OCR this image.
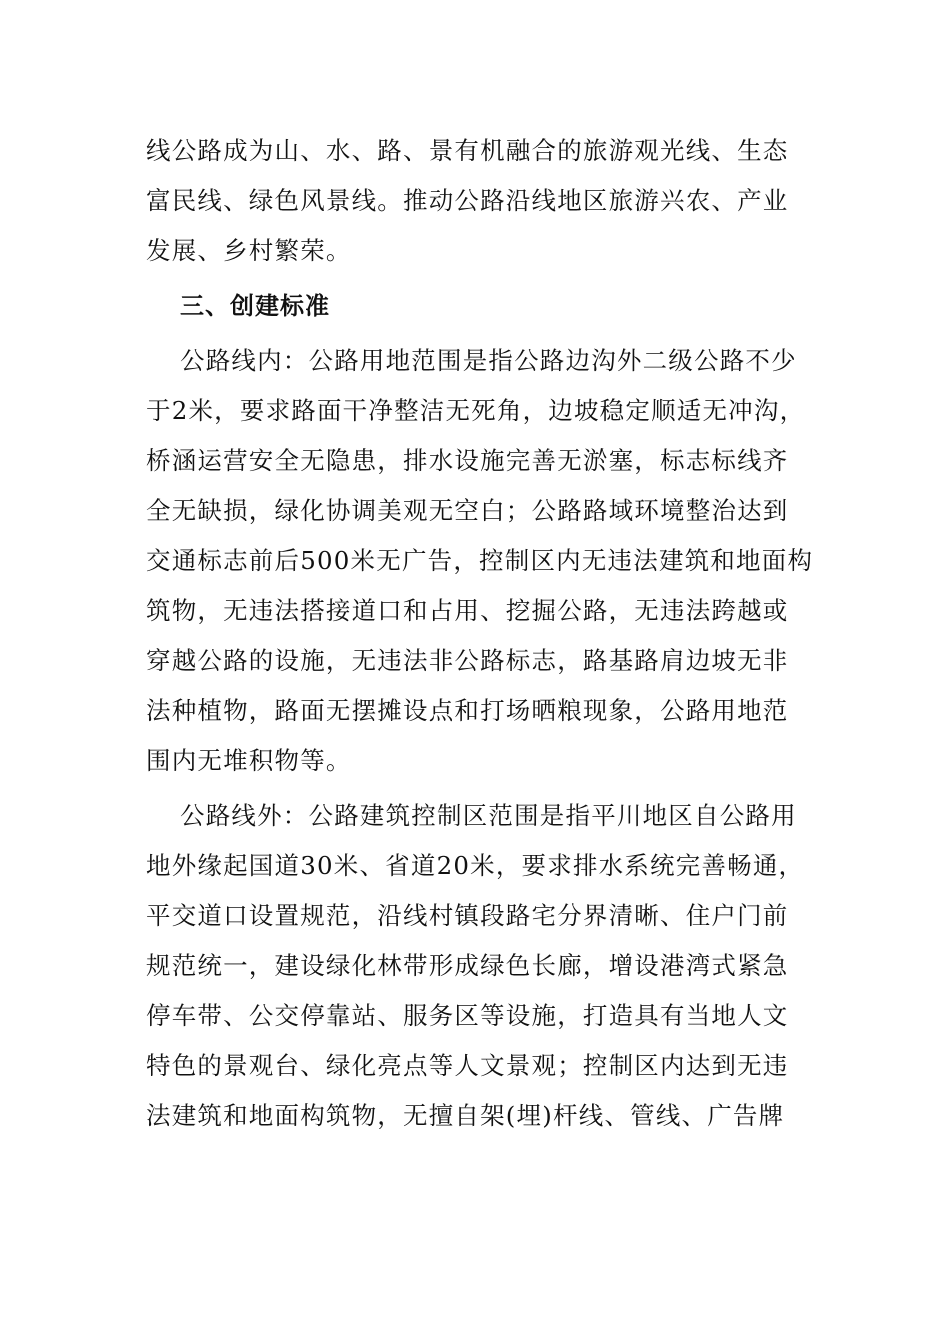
线公路成为山、水、路、景有机融合的旅游观光线、生态
富民线、绿色风景线。推动公路沿线地区旅游兴农、产业
发展、乡村繁荣。
三、创建标准
公路线内：公路用地范围是指公路边沟外二级公路不少
于2米，要求路面干净整洁无死角，边坡稳定顺适无冲沟，
桥涵运营安全无隐患，排水设施完善无淤塞，标志标线齐
全无缺损，绿化协调美观无空白；公路路域环境整治达到
交通标志前后500米无广告，控制区内无违法建筑和地面构
筑物，无违法搭接道口和占用、挖掘公路，无违法跨越或
穿越公路的设施，无违法非公路标志，路基路肩边坡无非
法种植物，路面无摆摊设点和打场晒粮现象，公路用地范
围内无堆积物等。
公路线外：公路建筑控制区范围是指平川地区自公路用
地外缘起国道30米、省道20米，要求排水系统完善畅通，
平交道口设置规范，沿线村镇段路宅分界清晰、住户门前
规范统一，建设绿化林带形成绿色长廊，增设港湾式紧急
停车带、公交停靠站、服务区等设施，打造具有当地人文
特色的景观台、绿化亮点等人文景观；控制区内达到无违
法建筑和地面构筑物，无擅自架(埋)杆线、管线、广告牌
